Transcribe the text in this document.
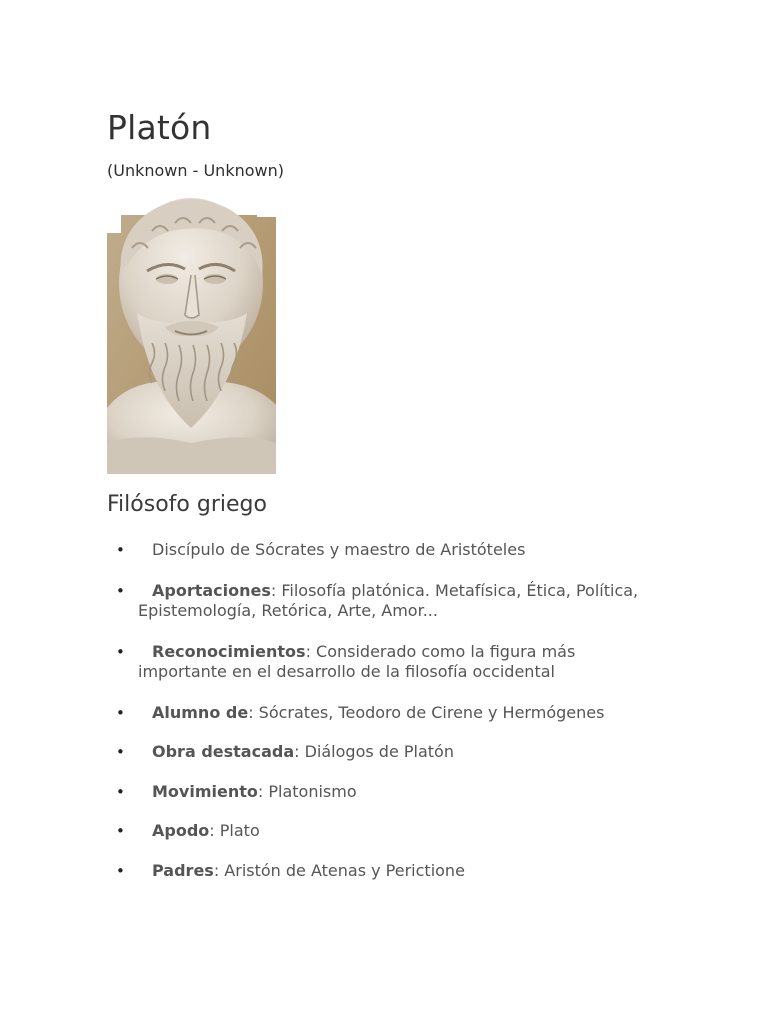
Platón

(Unknown - Unknown)

Filósofo griego
• Discípulo de Sócrates y maestro de Aristóteles
• Aportaciones: Filosofía platónica. Metafísica, Ética, Política, Epistemología, Retórica, Arte, Amor...
• Reconocimientos: Considerado como la figura más importante en el desarrollo de la filosofía occidental
• Alumno de: Sócrates, Teodoro de Cirene y Hermógenes
• Obra destacada: Diálogos de Platón
• Movimiento: Platonismo
• Apodo: Plato
• Padres: Aristón de Atenas y Perictione
